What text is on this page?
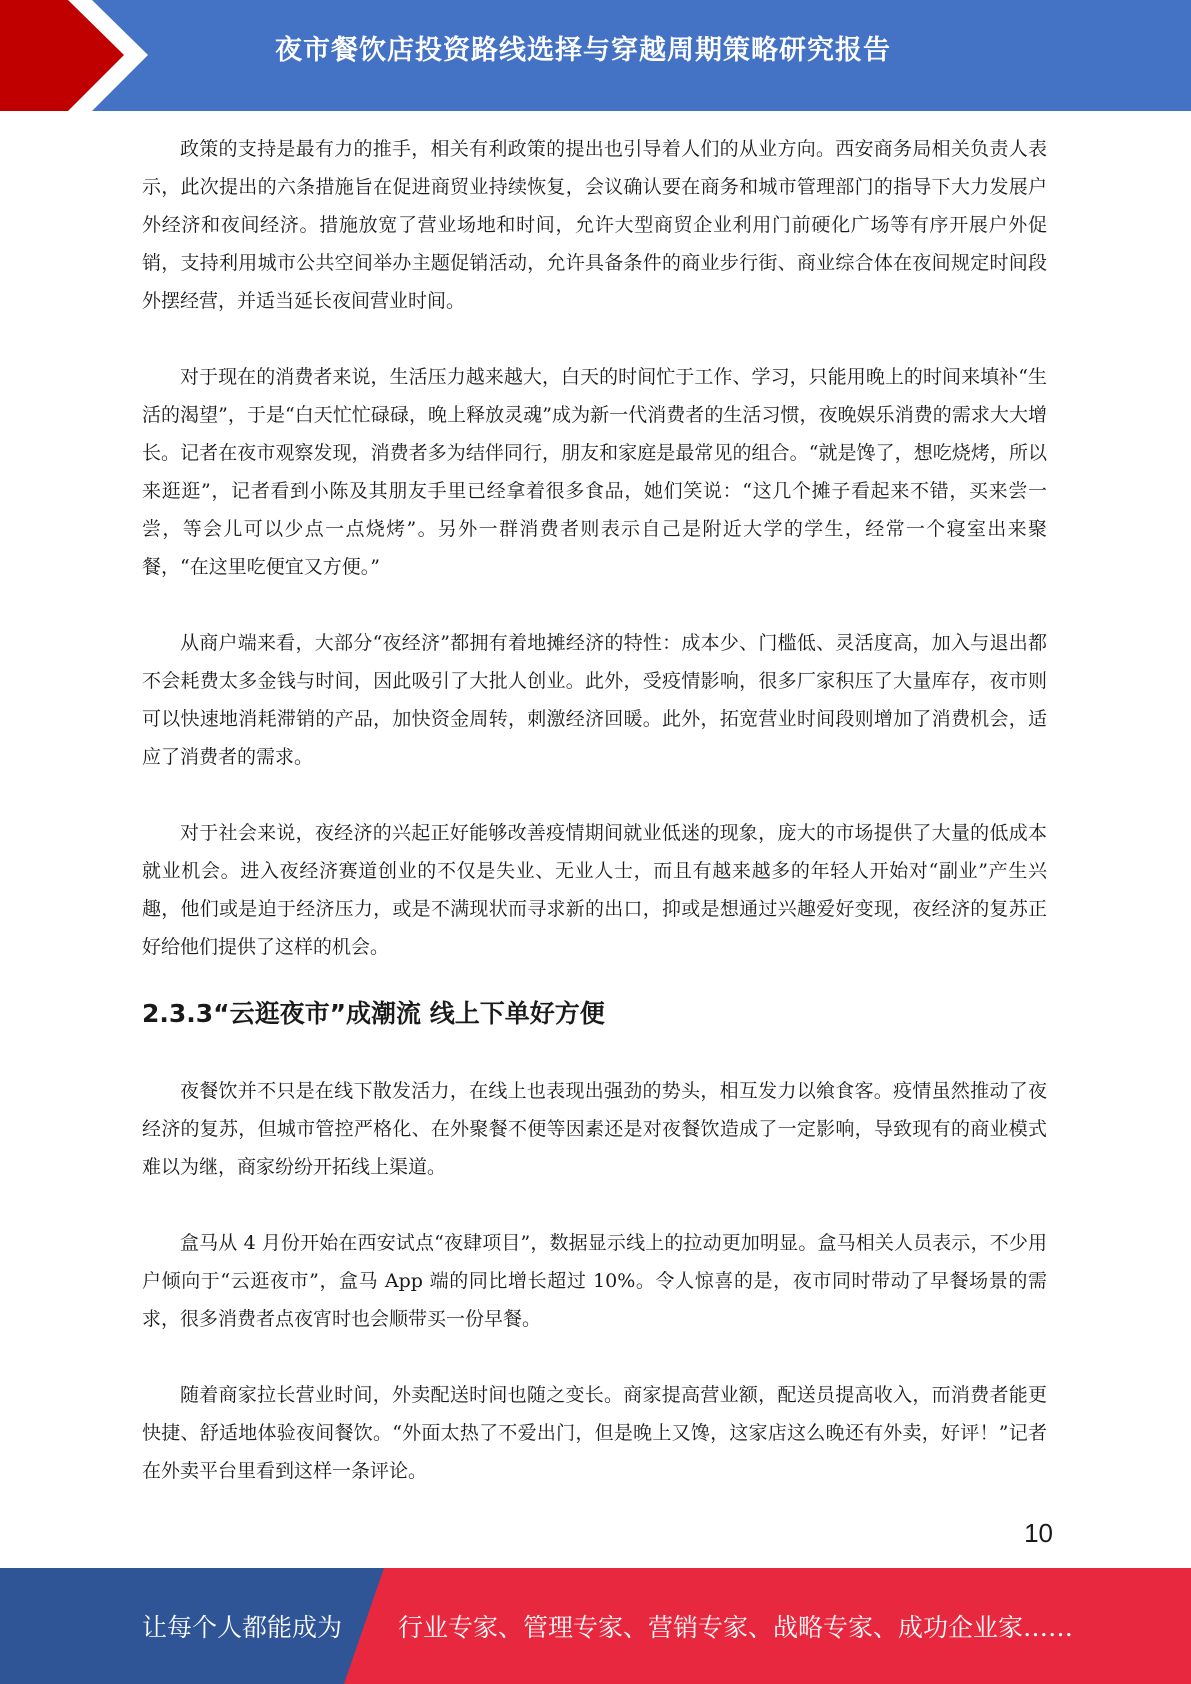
夜市餐饮店投资路线选择与穿越周期策略研究报告

政策的支持是最有力的推手，相关有利政策的提出也引导着人们的从业方向。西安商务局相关负责人表示，此次提出的六条措施旨在促进商贸业持续恢复，会议确认要在商务和城市管理部门的指导下大力发展户外经济和夜间经济。措施放宽了营业场地和时间，允许大型商贸企业利用门前硬化广场等有序开展户外促销，支持利用城市公共空间举办主题促销活动，允许具备条件的商业步行街、商业综合体在夜间规定时间段外摆经营，并适当延长夜间营业时间。

对于现在的消费者来说，生活压力越来越大，白天的时间忙于工作、学习，只能用晚上的时间来填补“生活的渴望”，于是“白天忙忙碌碌，晚上释放灵魂”成为新一代消费者的生活习惯，夜晚娱乐消费的需求大大增长。记者在夜市观察发现，消费者多为结伴同行，朋友和家庭是最常见的组合。“就是馋了，想吃烧烤，所以来逛逛”，记者看到小陈及其朋友手里已经拿着很多食品，她们笑说：“这几个摊子看起来不错，买来尝一尝，等会儿可以少点一点烧烤”。另外一群消费者则表示自己是附近大学的学生，经常一个寝室出来聚餐，“在这里吃便宜又方便。”

从商户端来看，大部分“夜经济”都拥有着地摊经济的特性：成本少、门槛低、灵活度高，加入与退出都不会耗费太多金钱与时间，因此吸引了大批人创业。此外，受疫情影响，很多厂家积压了大量库存，夜市则可以快速地消耗滞销的产品，加快资金周转，刺激经济回暖。此外，拓宽营业时间段则增加了消费机会，适应了消费者的需求。

对于社会来说，夜经济的兴起正好能够改善疫情期间就业低迷的现象，庞大的市场提供了大量的低成本就业机会。进入夜经济赛道创业的不仅是失业、无业人士，而且有越来越多的年轻人开始对“副业”产生兴趣，他们或是迫于经济压力，或是不满现状而寻求新的出口，抑或是想通过兴趣爱好变现，夜经济的复苏正好给他们提供了这样的机会。

2.3.3“云逛夜市”成潮流 线上下单好方便

夜餐饮并不只是在线下散发活力，在线上也表现出强劲的势头，相互发力以飨食客。疫情虽然推动了夜经济的复苏，但城市管控严格化、在外聚餐不便等因素还是对夜餐饮造成了一定影响，导致现有的商业模式难以为继，商家纷纷开拓线上渠道。

盒马从 4 月份开始在西安试点“夜肆项目”，数据显示线上的拉动更加明显。盒马相关人员表示，不少用户倾向于“云逛夜市”，盒马 App 端的同比增长超过 10%。令人惊喜的是，夜市同时带动了早餐场景的需求，很多消费者点夜宵时也会顺带买一份早餐。

随着商家拉长营业时间，外卖配送时间也随之变长。商家提高营业额，配送员提高收入，而消费者能更快捷、舒适地体验夜间餐饮。“外面太热了不爱出门，但是晚上又馋，这家店这么晚还有外卖，好评！”记者在外卖平台里看到这样一条评论。

10
让每个人都能成为 行业专家、管理专家、营销专家、战略专家、成功企业家……
